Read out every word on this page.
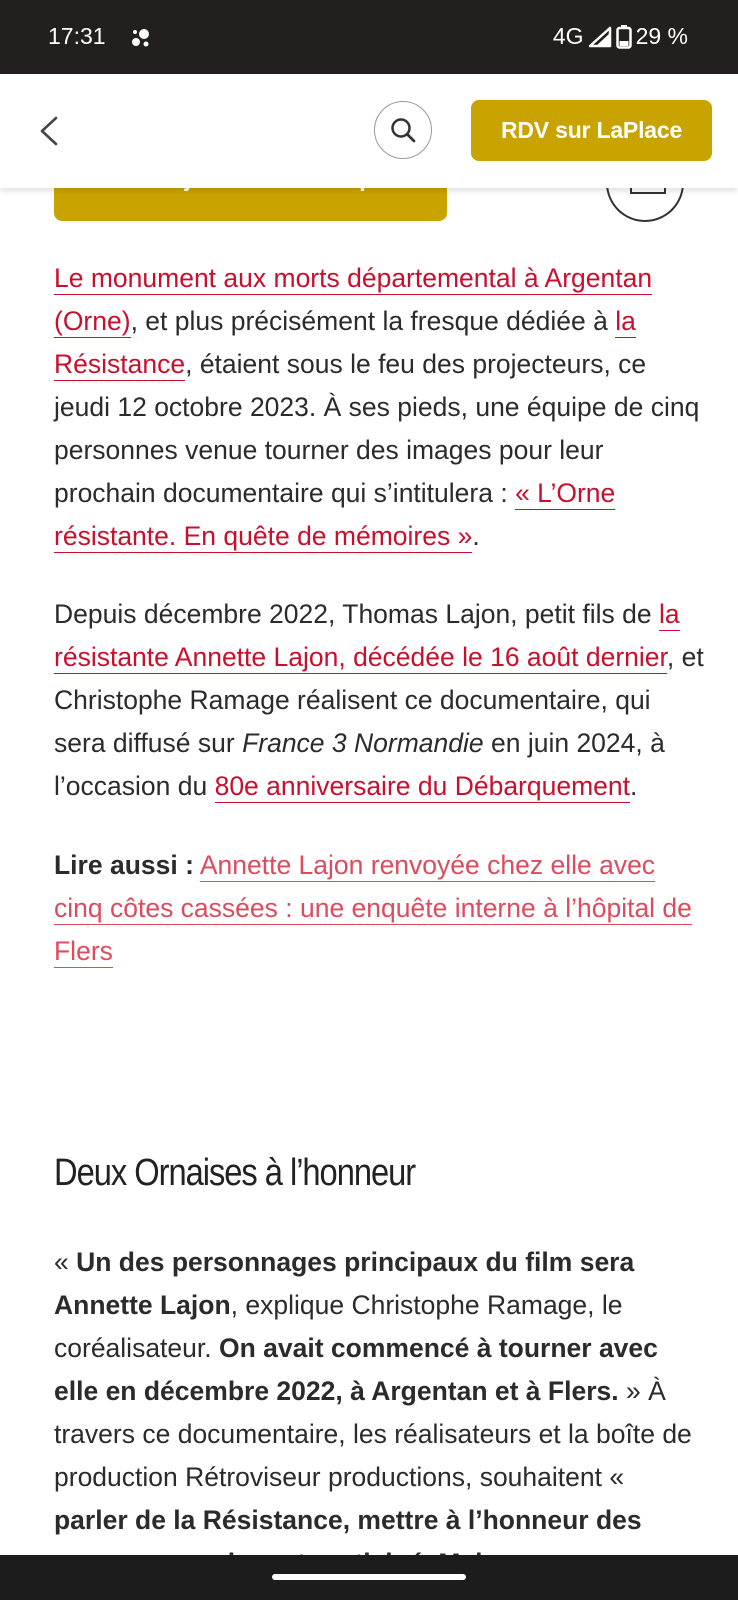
17:31	4G 29 %
RDV sur LaPlace

Le monument aux morts départemental à Argentan (Orne), et plus précisément la fresque dédiée à la Résistance, étaient sous le feu des projecteurs, ce jeudi 12 octobre 2023. À ses pieds, une équipe de cinq personnes venue tourner des images pour leur prochain documentaire qui s’intitulera : « L’Orne résistante. En quête de mémoires ».

Depuis décembre 2022, Thomas Lajon, petit fils de la résistante Annette Lajon, décédée le 16 août dernier, et Christophe Ramage réalisent ce documentaire, qui sera diffusé sur France 3 Normandie en juin 2024, à l’occasion du 80e anniversaire du Débarquement.

Lire aussi : Annette Lajon renvoyée chez elle avec cinq côtes cassées : une enquête interne à l’hôpital de Flers

Deux Ornaises à l’honneur

« Un des personnages principaux du film sera Annette Lajon, explique Christophe Ramage, le coréalisateur. On avait commencé à tourner avec elle en décembre 2022, à Argentan et à Flers. » À travers ce documentaire, les réalisateurs et la boîte de production Rétroviseur productions, souhaitent « parler de la Résistance, mettre à l’honneur des
